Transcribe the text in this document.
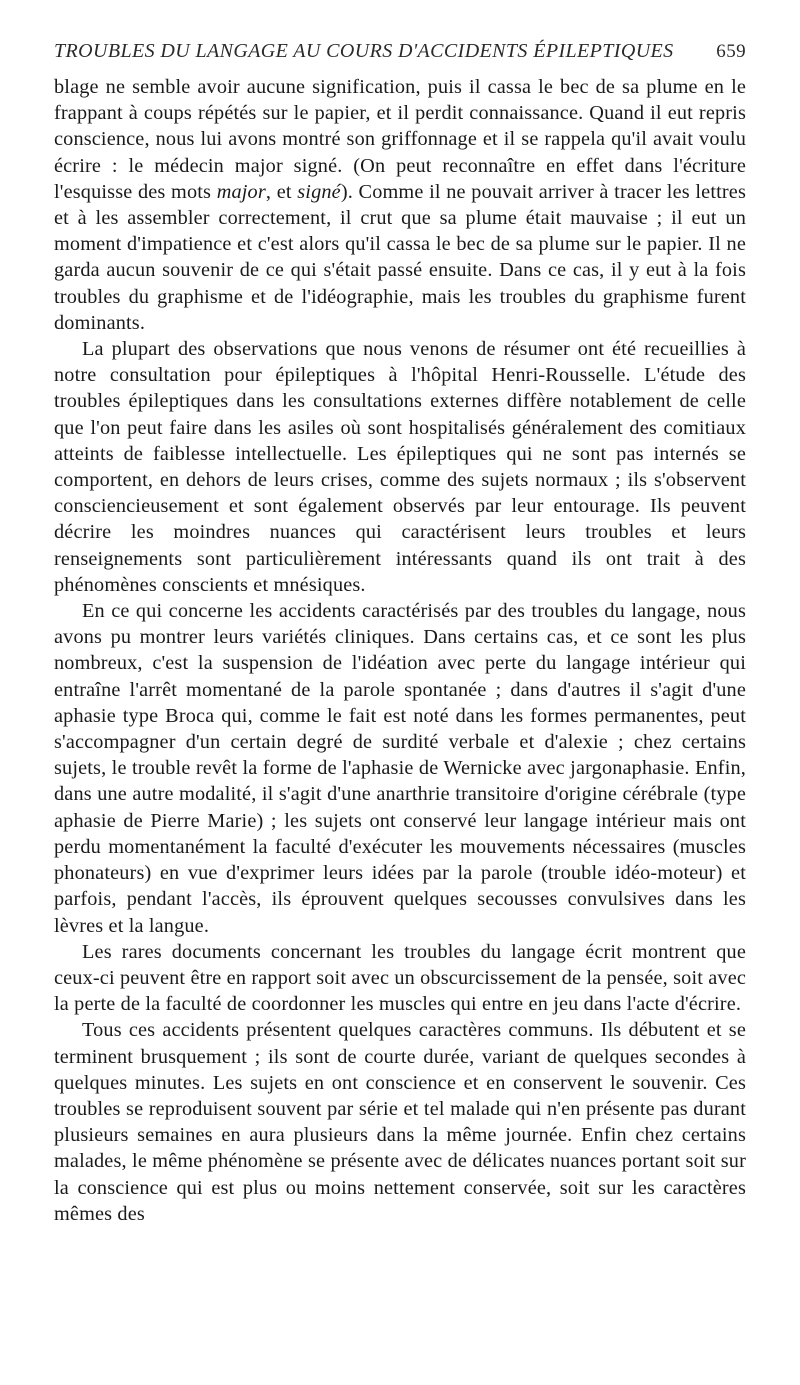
TROUBLES DU LANGAGE AU COURS D'ACCIDENTS ÉPILEPTIQUES 659

blage ne semble avoir aucune signification, puis il cassa le bec de sa plume en le frappant à coups répétés sur le papier, et il perdit connaissance. Quand il eut repris conscience, nous lui avons montré son griffonnage et il se rappela qu'il avait voulu écrire : le médecin major signé. (On peut reconnaître en effet dans l'écriture l'esquisse des mots major, et signé). Comme il ne pouvait arriver à tracer les lettres et à les assembler correctement, il crut que sa plume était mauvaise ; il eut un moment d'impatience et c'est alors qu'il cassa le bec de sa plume sur le papier. Il ne garda aucun souvenir de ce qui s'était passé ensuite. Dans ce cas, il y eut à la fois troubles du graphisme et de l'idéographie, mais les troubles du graphisme furent dominants.

La plupart des observations que nous venons de résumer ont été recueillies à notre consultation pour épileptiques à l'hôpital Henri-Rousselle. L'étude des troubles épileptiques dans les consultations externes diffère notablement de celle que l'on peut faire dans les asiles où sont hospitalisés généralement des comitiaux atteints de faiblesse intellectuelle. Les épileptiques qui ne sont pas internés se comportent, en dehors de leurs crises, comme des sujets normaux ; ils s'observent consciencieusement et sont également observés par leur entourage. Ils peuvent décrire les moindres nuances qui caractérisent leurs troubles et leurs renseignements sont particulièrement intéressants quand ils ont trait à des phénomènes conscients et mnésiques.

En ce qui concerne les accidents caractérisés par des troubles du langage, nous avons pu montrer leurs variétés cliniques. Dans certains cas, et ce sont les plus nombreux, c'est la suspension de l'idéation avec perte du langage intérieur qui entraîne l'arrêt momentané de la parole spontanée ; dans d'autres il s'agit d'une aphasie type Broca qui, comme le fait est noté dans les formes permanentes, peut s'accompagner d'un certain degré de surdité verbale et d'alexie ; chez certains sujets, le trouble revêt la forme de l'aphasie de Wernicke avec jargonaphasie. Enfin, dans une autre modalité, il s'agit d'une anarthrie transitoire d'origine cérébrale (type aphasie de Pierre Marie) ; les sujets ont conservé leur langage intérieur mais ont perdu momentanément la faculté d'exécuter les mouvements nécessaires (muscles phonateurs) en vue d'exprimer leurs idées par la parole (trouble idéo-moteur) et parfois, pendant l'accès, ils éprouvent quelques secousses convulsives dans les lèvres et la langue.

Les rares documents concernant les troubles du langage écrit montrent que ceux-ci peuvent être en rapport soit avec un obscurcissement de la pensée, soit avec la perte de la faculté de coordonner les muscles qui entre en jeu dans l'acte d'écrire.

Tous ces accidents présentent quelques caractères communs. Ils débutent et se terminent brusquement ; ils sont de courte durée, variant de quelques secondes à quelques minutes. Les sujets en ont conscience et en conservent le souvenir. Ces troubles se reproduisent souvent par série et tel malade qui n'en présente pas durant plusieurs semaines en aura plusieurs dans la même journée. Enfin chez certains malades, le même phénomène se présente avec de délicates nuances portant soit sur la conscience qui est plus ou moins nettement conservée, soit sur les caractères mêmes des
